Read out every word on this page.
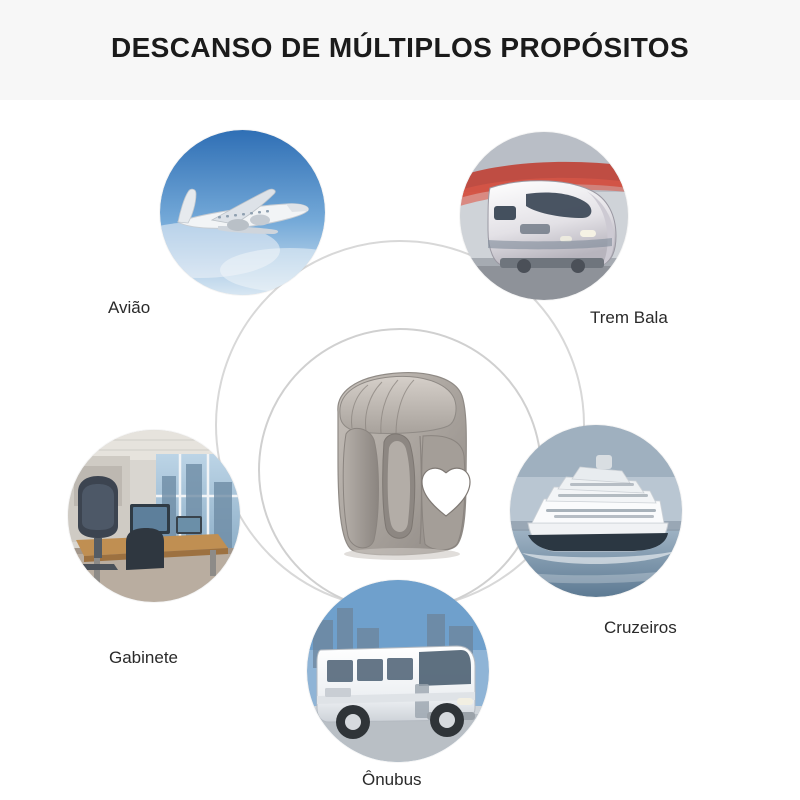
DESCANSO DE MÚLTIPLOS PROPÓSITOS
Avião
Trem Bala
Cruzeiros
Ônubus
Gabinete
